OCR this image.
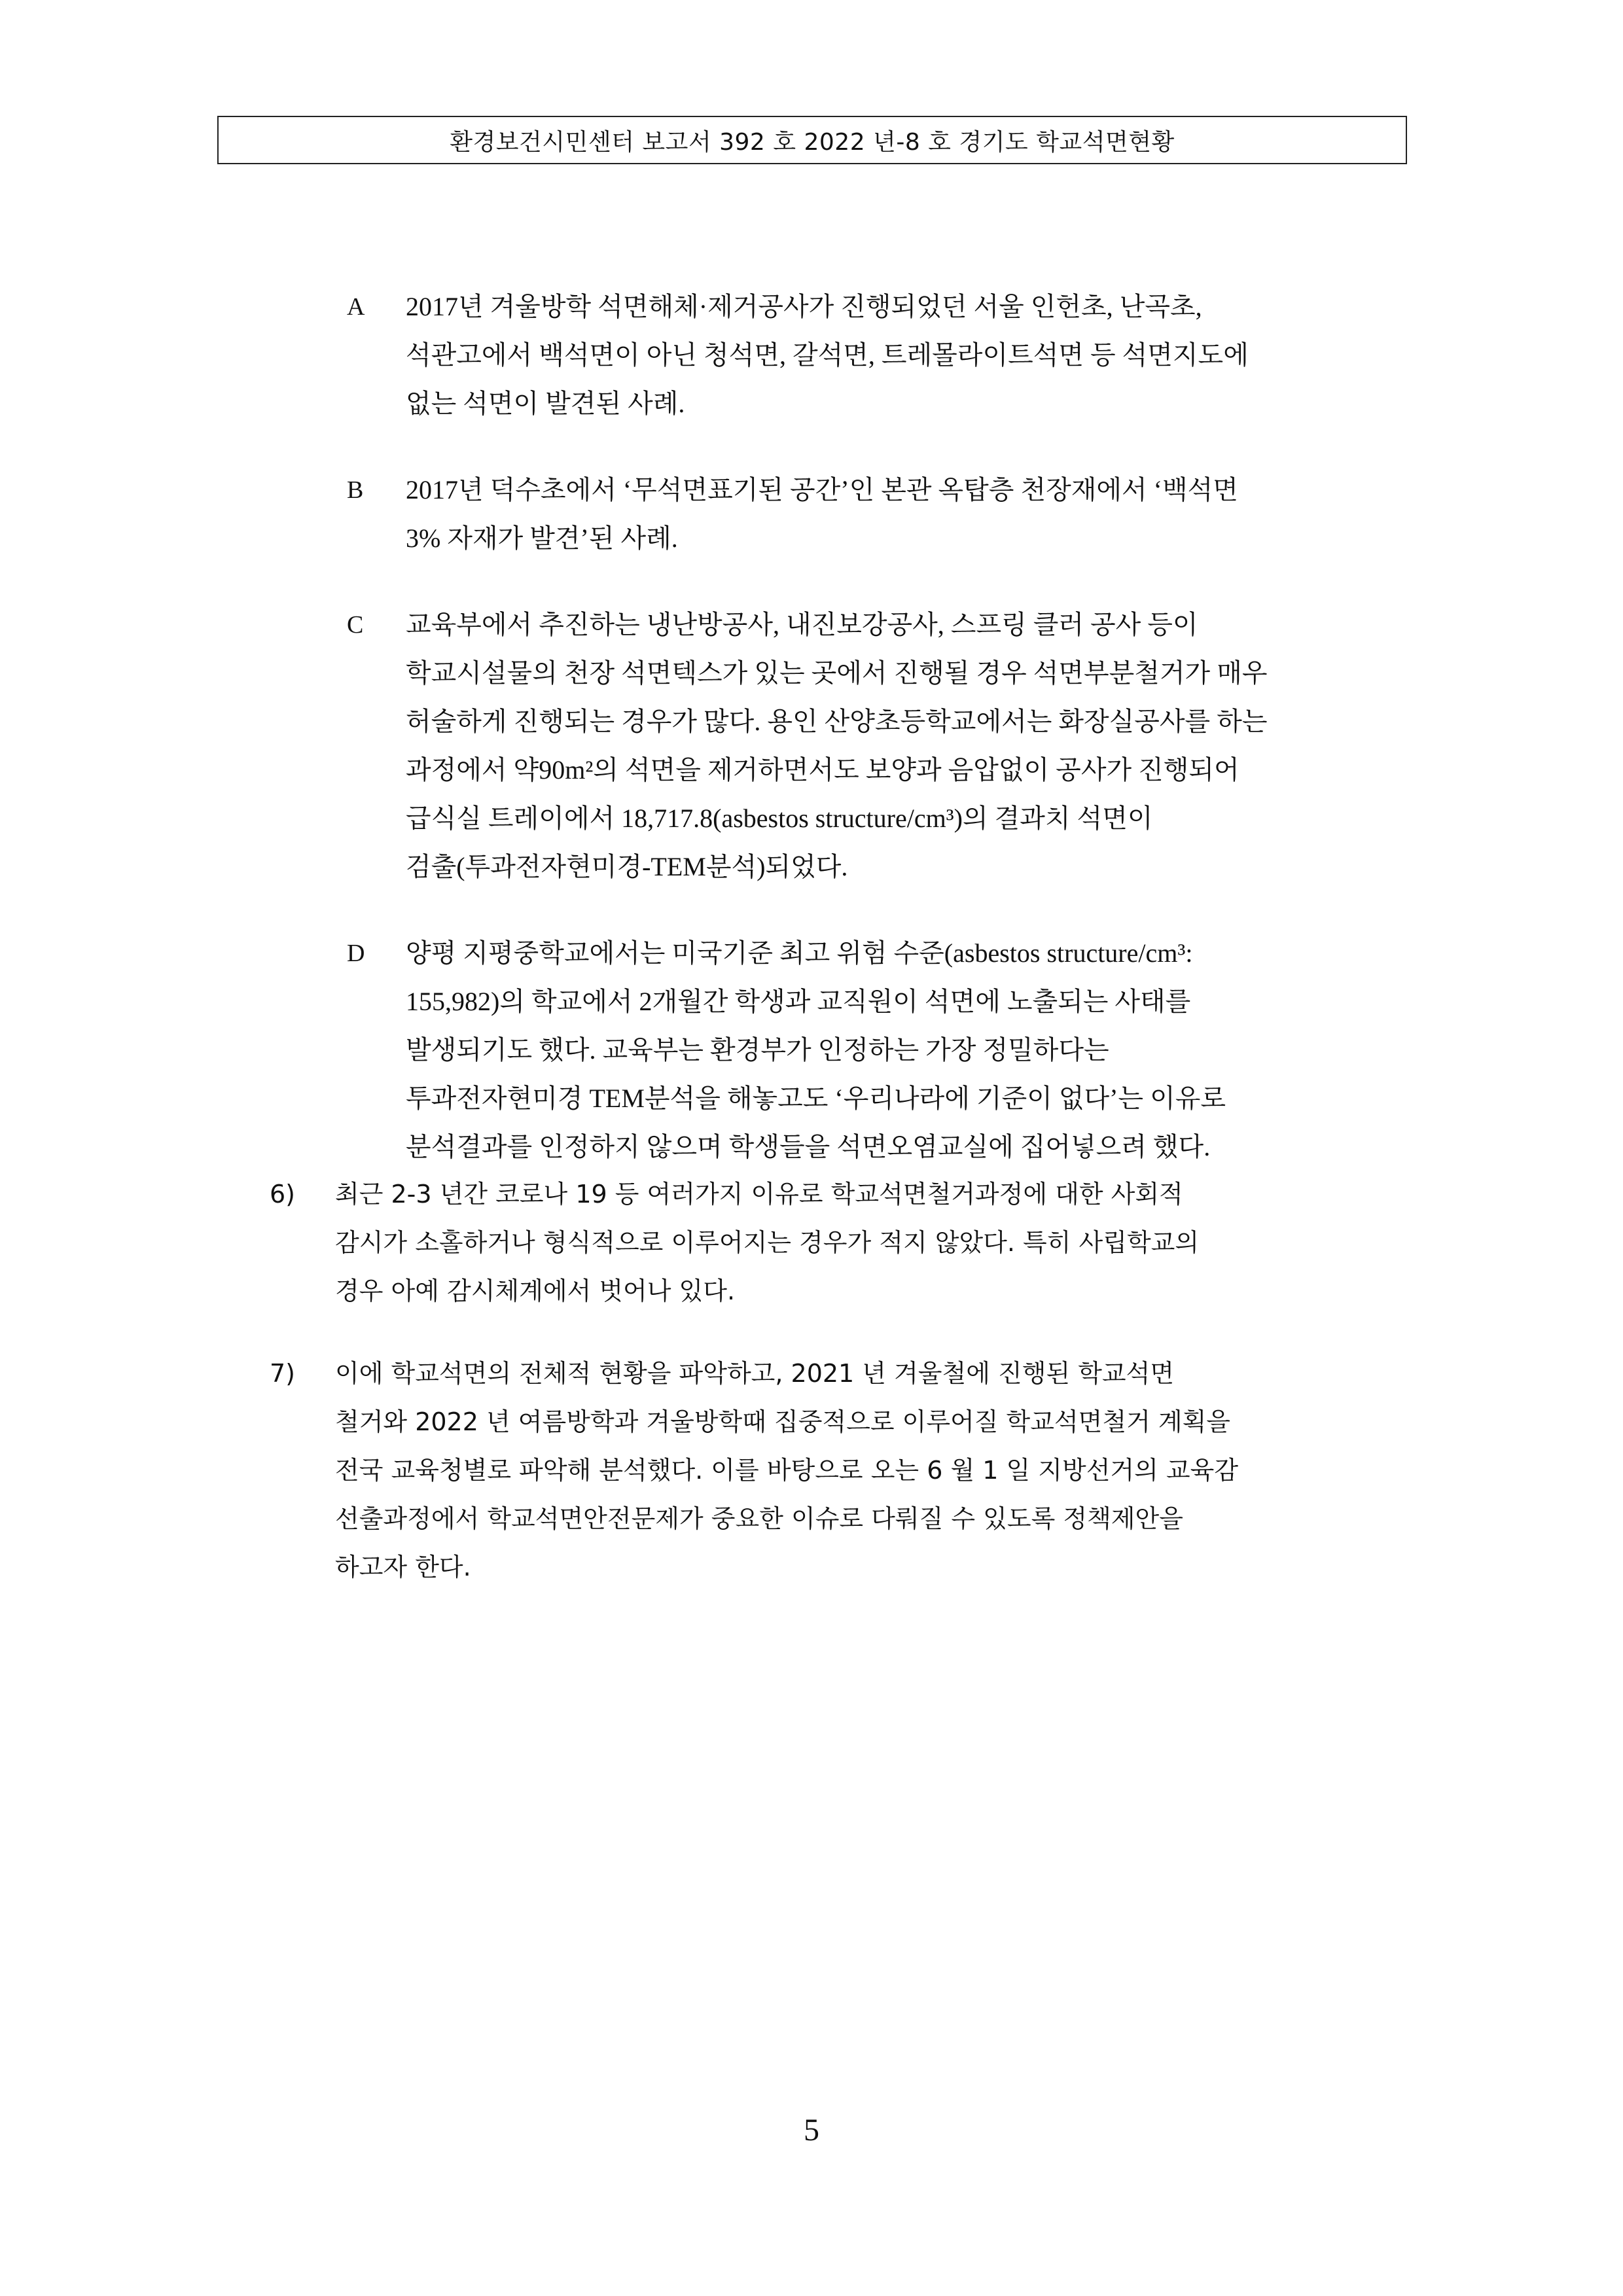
환경보건시민센터 보고서 392 호 2022 년-8 호 경기도 학교석면현황
A	2017년 겨울방학 석면해체·제거공사가 진행되었던 서울 인헌초, 난곡초,
석관고에서 백석면이 아닌 청석면, 갈석면, 트레몰라이트석면 등 석면지도에
없는 석면이 발견된 사례.
B	2017년 덕수초에서 ‘무석면표기된 공간’인 본관 옥탑층 천장재에서 ‘백석면
3% 자재가 발견’된 사례.
C	교육부에서 추진하는 냉난방공사, 내진보강공사, 스프링 클러 공사 등이
학교시설물의 천장 석면텍스가 있는 곳에서 진행될 경우 석면부분철거가 매우
허술하게 진행되는 경우가 많다. 용인 산양초등학교에서는 화장실공사를 하는
과정에서 약90m²의 석면을 제거하면서도 보양과 음압없이 공사가 진행되어
급식실 트레이에서 18,717.8(asbestos structure/cm³)의 결과치 석면이
검출(투과전자현미경-TEM분석)되었다.
D	양평 지평중학교에서는 미국기준 최고 위험 수준(asbestos structure/cm³:
155,982)의 학교에서 2개월간 학생과 교직원이 석면에 노출되는 사태를
발생되기도 했다. 교육부는 환경부가 인정하는 가장 정밀하다는
투과전자현미경 TEM분석을 해놓고도 ‘우리나라에 기준이 없다’는 이유로
분석결과를 인정하지 않으며 학생들을 석면오염교실에 집어넣으려 했다.
6)	최근 2-3 년간 코로나 19 등 여러가지 이유로 학교석면철거과정에 대한 사회적
감시가 소홀하거나 형식적으로 이루어지는 경우가 적지 않았다. 특히 사립학교의
경우 아예 감시체계에서 벗어나 있다.
7)	이에 학교석면의 전체적 현황을 파악하고, 2021 년 겨울철에 진행된 학교석면
철거와 2022 년 여름방학과 겨울방학때 집중적으로 이루어질 학교석면철거 계획을
전국 교육청별로 파악해 분석했다. 이를 바탕으로 오는 6 월 1 일 지방선거의 교육감
선출과정에서 학교석면안전문제가 중요한 이슈로 다뤄질 수 있도록 정책제안을
하고자 한다.
5
